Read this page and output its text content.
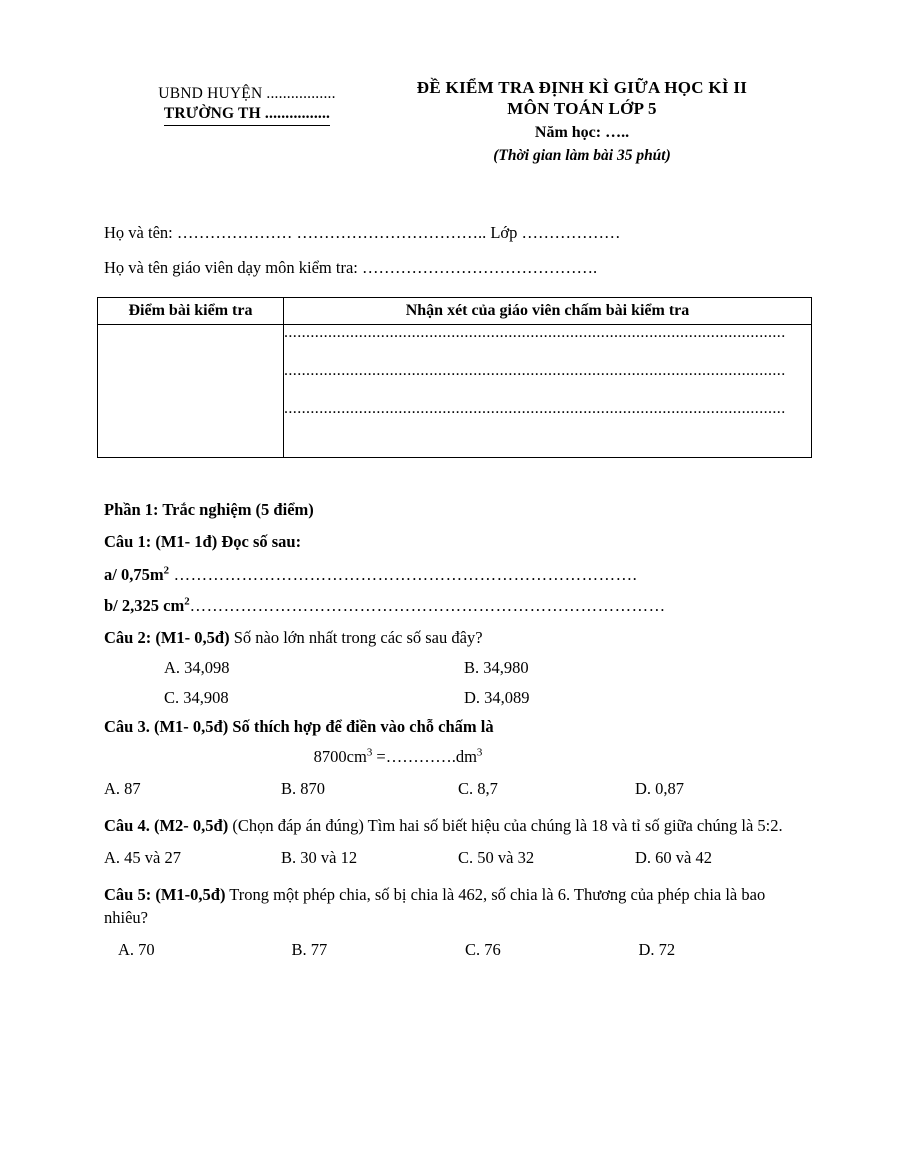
UBND HUYỆN .................
TRƯỜNG TH ................
ĐỀ KIỂM TRA ĐỊNH KÌ GIỮA HỌC KÌ II
MÔN TOÁN LỚP 5
Năm học: …..
(Thời gian làm bài 35 phút)
Họ và tên: ………………… …………………………….. Lớp ………………
Họ và tên giáo viên dạy môn kiểm tra: …………………………………….
Điểm bài kiểm tra	Nhận xét của giáo viên chấm bài kiểm tra

	..................................................................................................................
..................................................................................................................
..................................................................................................................
Phần 1: Trắc nghiệm (5 điểm)
Câu 1: (M1- 1đ) Đọc số sau:
a/ $0,75m^2$ ……………………………………………………………………….
b/ 2,325 $cm^2\dots\dots\dots\dots\dots\dots\dots\dots\dots\dots\dots\dots\dots\dots\dots\dots\dots\dots\dots\dots\dots\dots\dots\dots\dots\dots\dots\dots$
Câu 2: (M1- 0,5đ) Số nào lớn nhất trong các số sau đây?
A. 34,098	B. 34,980
C. 34,908	D. 34,089
Câu 3. (M1- 0,5đ) Số thích hợp để điền vào chỗ chấm là
$8700cm^3$ $=\dots\dots\dots\dots.dm^3$
A. 87	B. 870	C. 8,7	D. 0,87
Câu 4. (M2- 0,5đ) (Chọn đáp án đúng) Tìm hai số biết hiệu của chúng là 18 và tỉ số giữa chúng là 5:2.
A. 45 và 27	B. 30 và 12	C. 50 và 32	D. 60 và 42
Câu 5: (M1-0,5đ) Trong một phép chia, số bị chia là 462, số chia là 6. Thương của phép chia là bao nhiêu?
A. 70	B. 77	C. 76	D. 72
